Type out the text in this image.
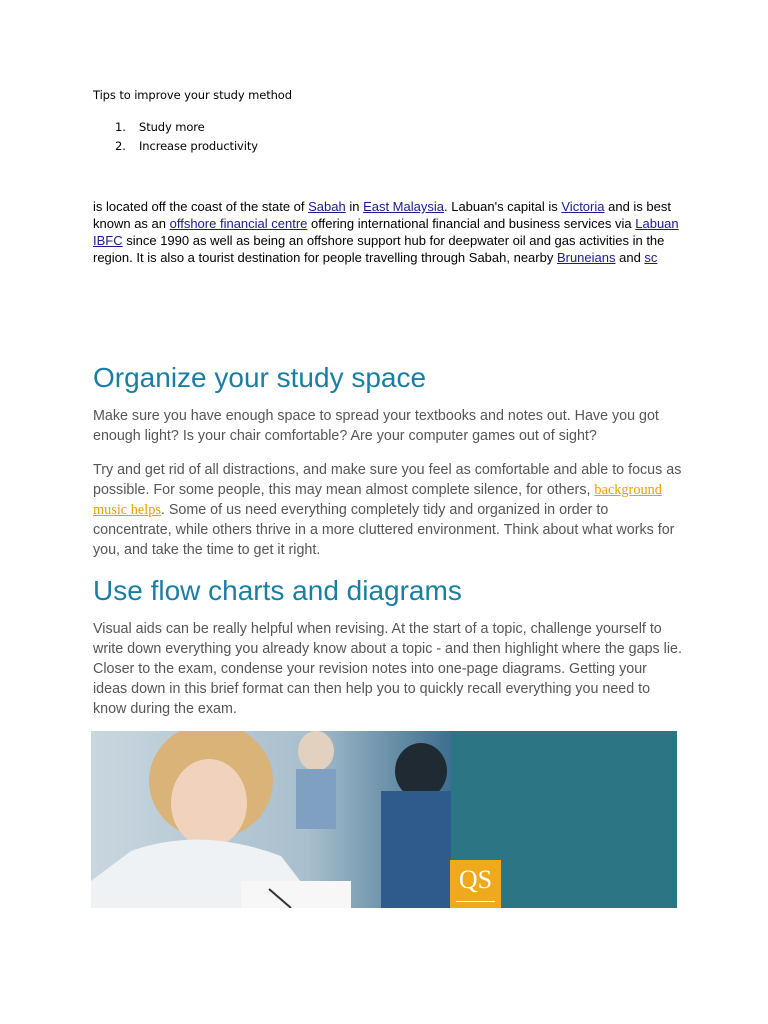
Tips to improve your study method
1. Study more
2. Increase productivity

is located off the coast of the state of Sabah in East Malaysia. Labuan's capital is Victoria and is best known as an offshore financial centre offering international financial and business services via Labuan IBFC since 1990 as well as being an offshore support hub for deepwater oil and gas activities in the region. It is also a tourist destination for people travelling through Sabah, nearby Bruneians and sc

Organize your study space

Make sure you have enough space to spread your textbooks and notes out. Have you got enough light? Is your chair comfortable? Are your computer games out of sight?

Try and get rid of all distractions, and make sure you feel as comfortable and able to focus as possible. For some people, this may mean almost complete silence, for others, background music helps. Some of us need everything completely tidy and organized in order to concentrate, while others thrive in a more cluttered environment. Think about what works for you, and take the time to get it right.

Use flow charts and diagrams

Visual aids can be really helpful when revising. At the start of a topic, challenge yourself to write down everything you already know about a topic - and then highlight where the gaps lie. Closer to the exam, condense your revision notes into one-page diagrams. Getting your ideas down in this brief format can then help you to quickly recall everything you need to know during the exam.

QS
